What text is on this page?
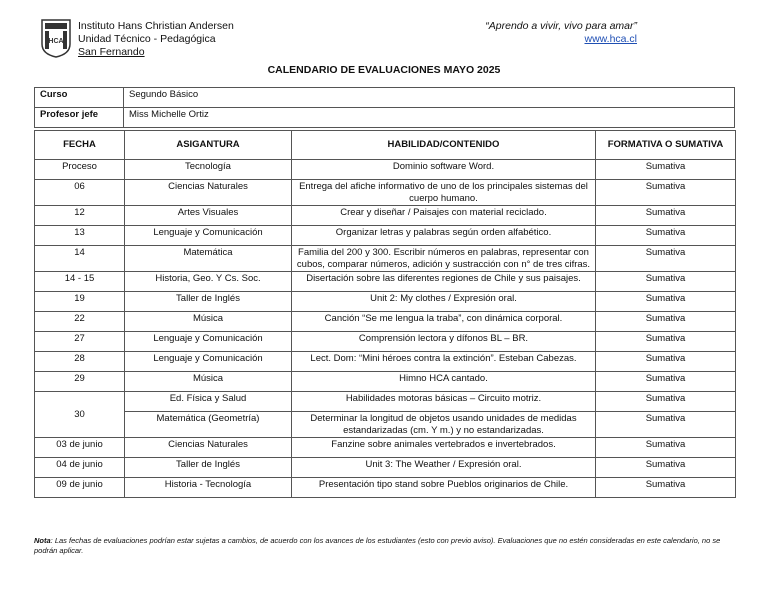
HCA
Instituto Hans Christian Andersen
Unidad Técnico - Pedagógica
San Fernando
“Aprendo a vivir, vivo para amar”
www.hca.cl
CALENDARIO DE EVALUACIONES MAYO 2025
Curso	Segundo Básico
Profesor jefe	Miss Michelle Ortiz
FECHA	ASIGANTURA	HABILIDAD/CONTENIDO	FORMATIVA O SUMATIVA
Proceso	Tecnología	Dominio software Word.	Sumativa
06	Ciencias Naturales	Entrega del afiche informativo de uno de los principales sistemas del cuerpo humano.	Sumativa
12	Artes Visuales	Crear y diseñar / Paisajes con material reciclado.	Sumativa
13	Lenguaje y Comunicación	Organizar letras y palabras según orden alfabético.	Sumativa
14	Matemática	Familia del 200 y 300. Escribir números en palabras, representar con cubos, comparar números, adición y sustracción con n° de tres cifras.	Sumativa
14 - 15	Historia, Geo. Y Cs. Soc.	Disertación sobre las diferentes regiones de Chile y sus paisajes.	Sumativa
19	Taller de Inglés	Unit 2: My clothes / Expresión oral.	Sumativa
22	Música	Canción “Se me lengua la traba”, con dinámica corporal.	Sumativa
27	Lenguaje y Comunicación	Comprensión lectora y dífonos BL – BR.	Sumativa
28	Lenguaje y Comunicación	Lect. Dom: “Mini héroes contra la extinción”. Esteban Cabezas.	Sumativa
29	Música	Himno HCA cantado.	Sumativa
30	Ed. Física y Salud	Habilidades motoras básicas – Circuito motriz.	Sumativa
	Matemática (Geometría)	Determinar la longitud de objetos usando unidades de medidas estandarizadas (cm. Y m.) y no estandarizadas.	Sumativa
03 de junio	Ciencias Naturales	Fanzine sobre animales vertebrados e invertebrados.	Sumativa
04 de junio	Taller de Inglés	Unit 3: The Weather / Expresión oral.	Sumativa
09 de junio	Historia - Tecnología	Presentación tipo stand sobre Pueblos originarios de Chile.	Sumativa
Nota: Las fechas de evaluaciones podrían estar sujetas a cambios, de acuerdo con los avances de los estudiantes (esto con previo aviso). Evaluaciones que no estén consideradas en este calendario, no se podrán aplicar.
